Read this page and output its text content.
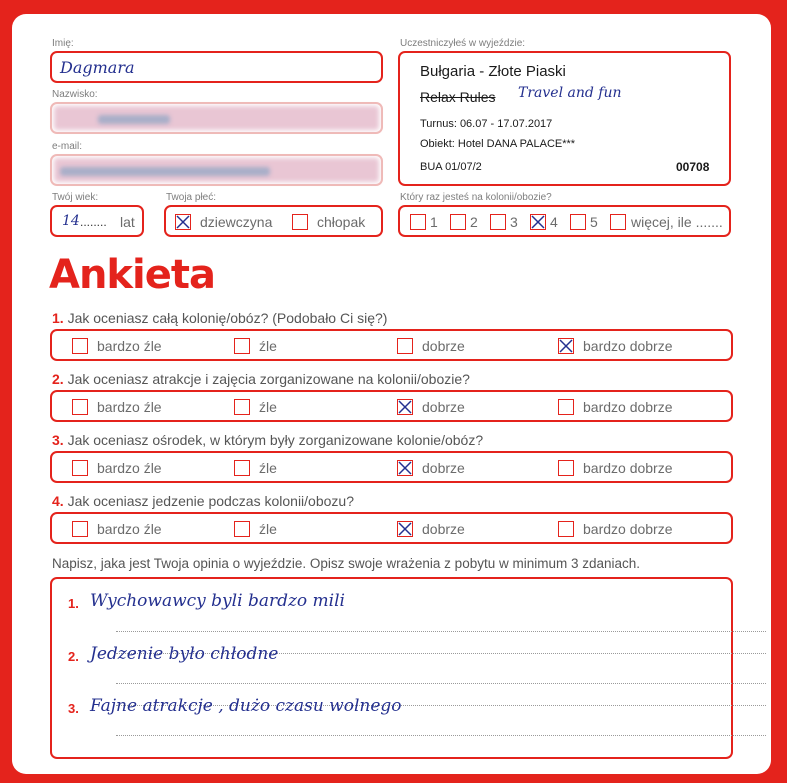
Imię:
Dagmara
Nazwisko:
e-mail:
Twój wiek:
14 ........ lat
Twoja płeć:
dziewczyna	chłopak
Uczestniczyłeś w wyjeździe:
Bułgaria - Złote Piaski
Relax Rules Travel and fun
Turnus: 06.07 - 17.07.2017
Obiekt: Hotel DANA PALACE***
BUA 01/07/2	00708
Który raz jesteś na kolonii/obozie?
1 2 3 4 5 więcej, ile .......
Ankieta
1. Jak oceniasz całą kolonię/obóz? (Podobało Ci się?)
bardzo źle	źle	dobrze	bardzo dobrze
2. Jak oceniasz atrakcje i zajęcia zorganizowane na kolonii/obozie?
bardzo źle	źle	dobrze	bardzo dobrze
3. Jak oceniasz ośrodek, w którym były zorganizowane kolonie/obóz?
bardzo źle	źle	dobrze	bardzo dobrze
4. Jak oceniasz jedzenie podczas kolonii/obozu?
bardzo źle	źle	dobrze	bardzo dobrze
Napisz, jaka jest Twoja opinia o wyjeździe. Opisz swoje wrażenia z pobytu w minimum 3 zdaniach.
1. Wychowawcy byli bardzo mili
2. Jedzenie było chłodne
3. Fajne atrakcje , dużo czasu wolnego
